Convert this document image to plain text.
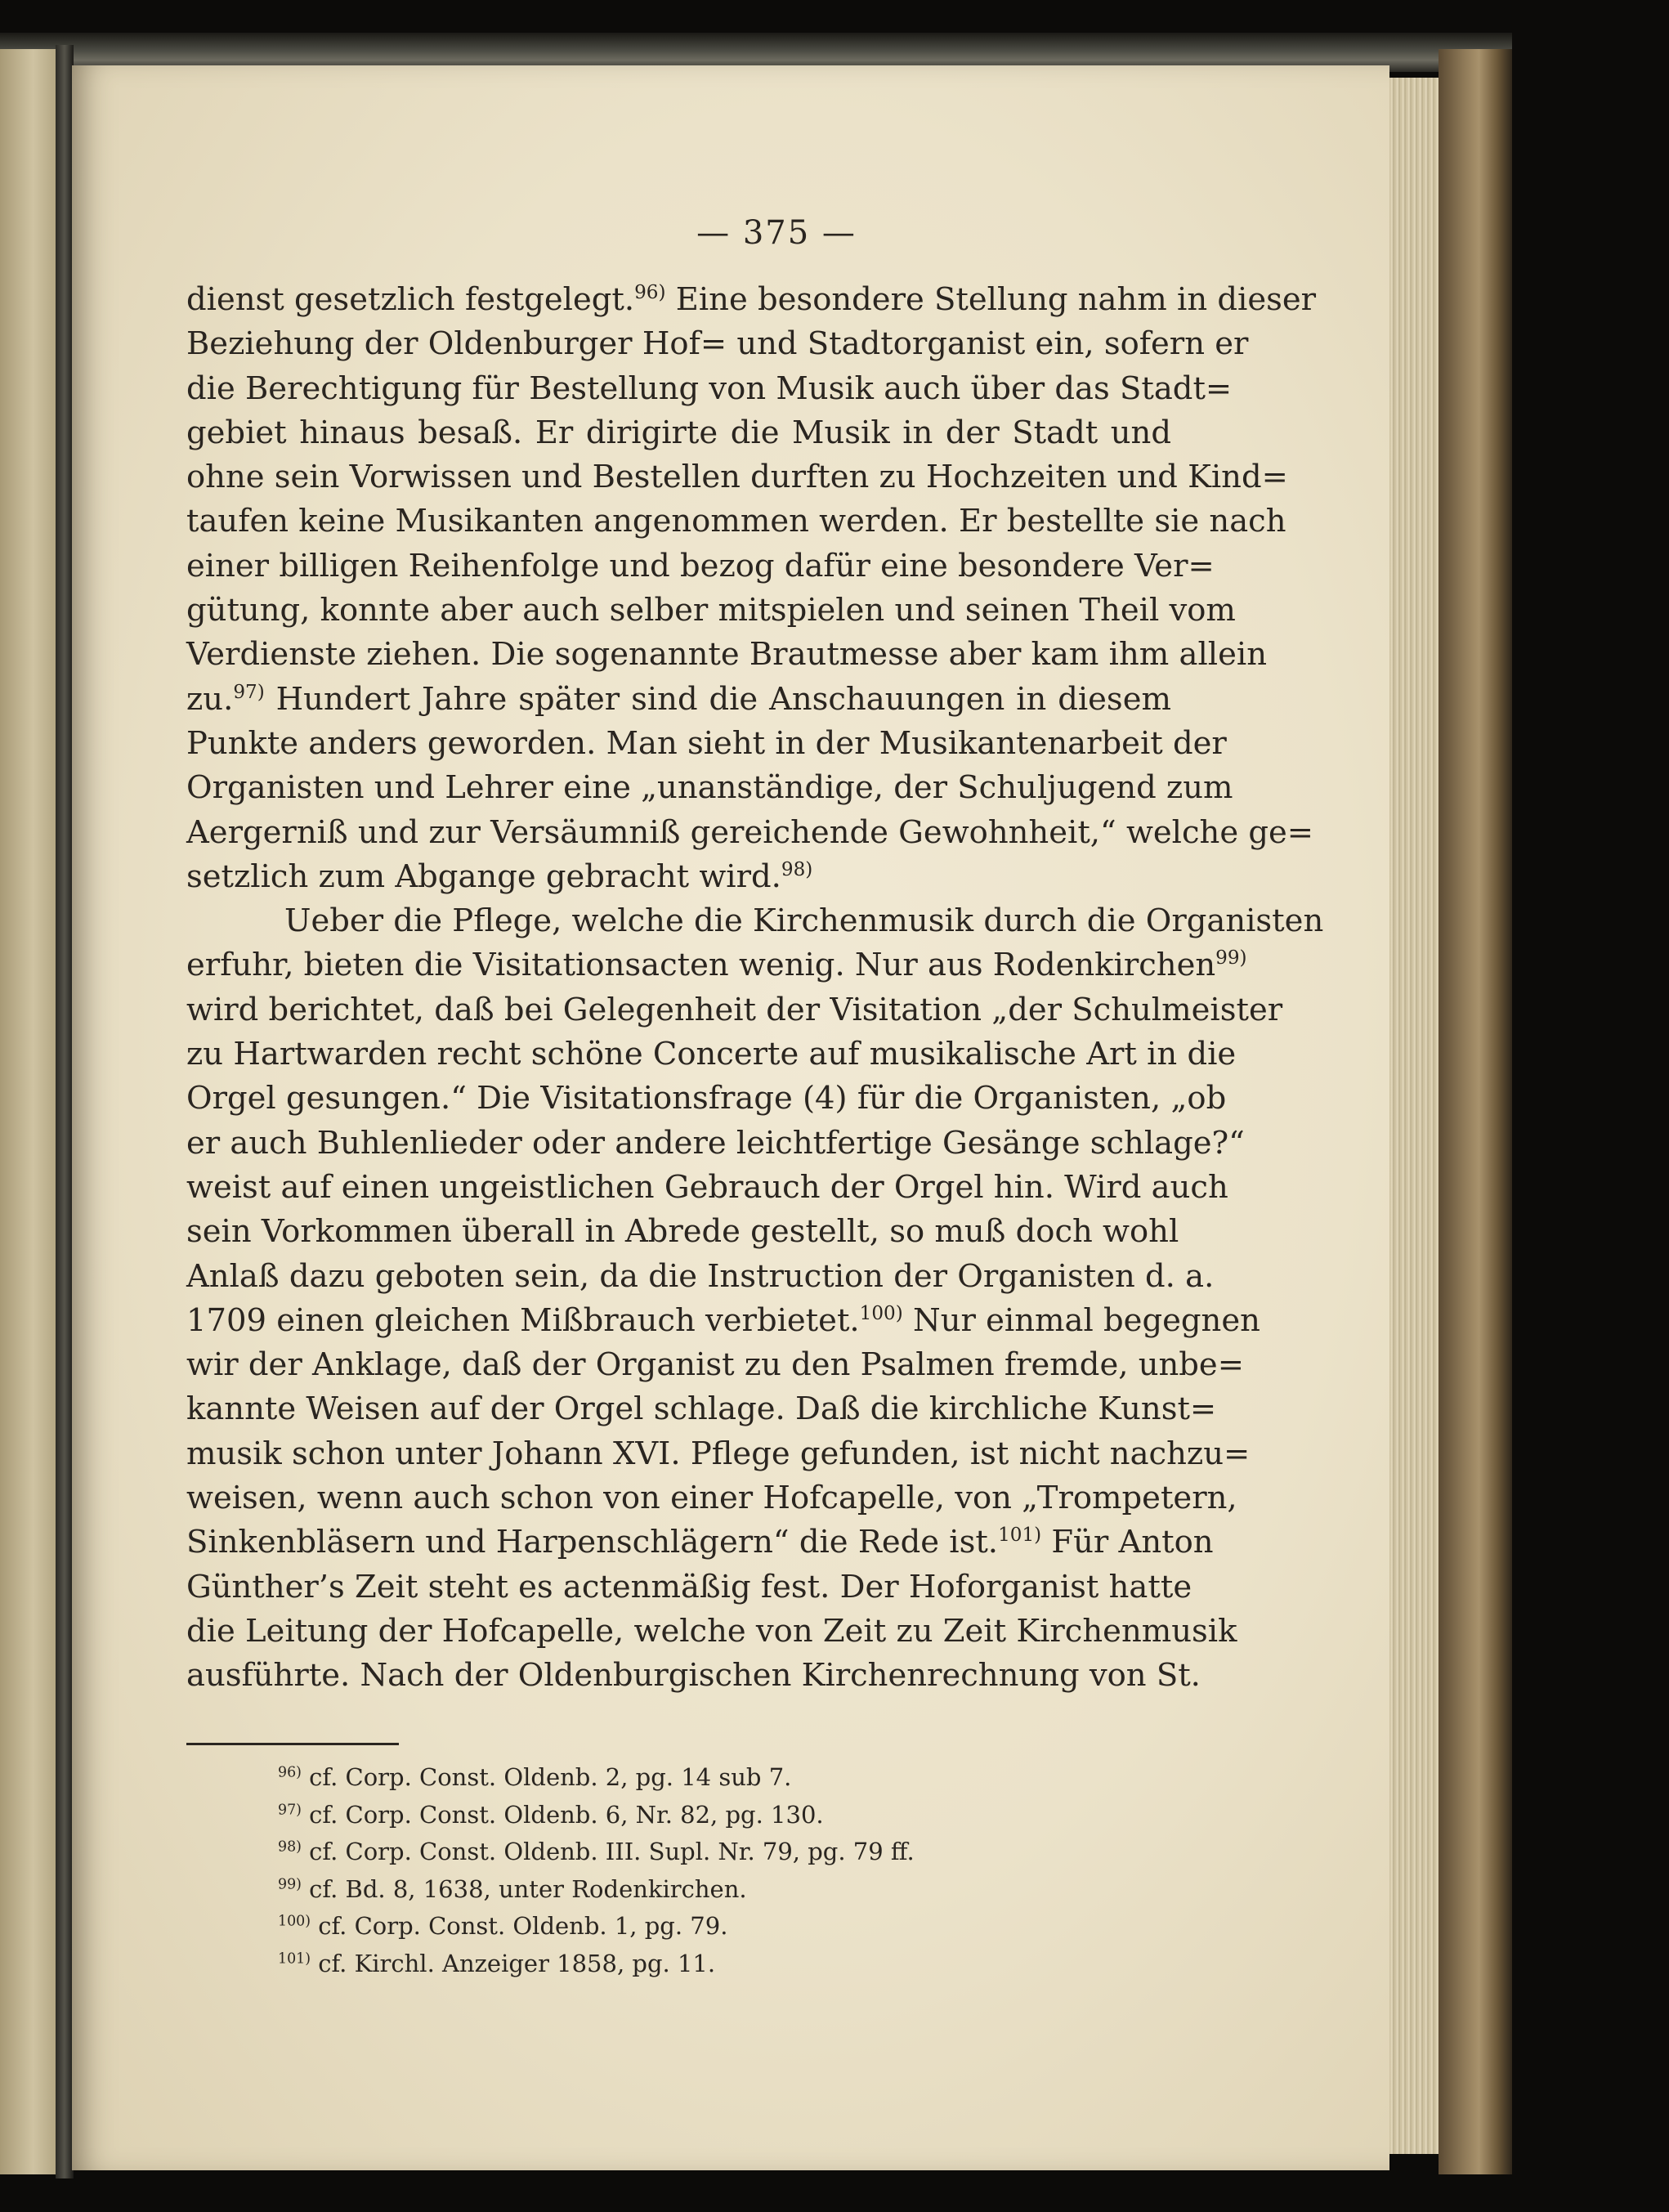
— 375 —
dienst gesetzlich festgelegt.$^{96)}$ Eine besondere Stellung nahm in dieser
Beziehung der Oldenburger Hof= und Stadtorganist ein, sofern er
die Berechtigung für Bestellung von Musik auch über das Stadt=
gebiet hinaus besaß. Er dirigirte die Musik in der Stadt und
ohne sein Vorwissen und Bestellen durften zu Hochzeiten und Kind=
taufen keine Musikanten angenommen werden. Er bestellte sie nach
einer billigen Reihenfolge und bezog dafür eine besondere Ver=
gütung, konnte aber auch selber mitspielen und seinen Theil vom
Verdienste ziehen. Die sogenannte Brautmesse aber kam ihm allein
zu.$^{97)}$ Hundert Jahre später sind die Anschauungen in diesem
Punkte anders geworden. Man sieht in der Musikantenarbeit der
Organisten und Lehrer eine „unanständige, der Schuljugend zum
Aergerniß und zur Versäumniß gereichende Gewohnheit,“ welche ge=
setzlich zum Abgange gebracht wird.$^{98)}$
Ueber die Pflege, welche die Kirchenmusik durch die Organisten
erfuhr, bieten die Visitationsacten wenig. Nur aus Rodenkirchen$^{99)}$
wird berichtet, daß bei Gelegenheit der Visitation „der Schulmeister
zu Hartwarden recht schöne Concerte auf musikalische Art in die
Orgel gesungen.“ Die Visitationsfrage (4) für die Organisten, „ob
er auch Buhlenlieder oder andere leichtfertige Gesänge schlage?“
weist auf einen ungeistlichen Gebrauch der Orgel hin. Wird auch
sein Vorkommen überall in Abrede gestellt, so muß doch wohl
Anlaß dazu geboten sein, da die Instruction der Organisten d. a.
1709 einen gleichen Mißbrauch verbietet.$^{100)}$ Nur einmal begegnen
wir der Anklage, daß der Organist zu den Psalmen fremde, unbe=
kannte Weisen auf der Orgel schlage. Daß die kirchliche Kunst=
musik schon unter Johann XVI. Pflege gefunden, ist nicht nachzu=
weisen, wenn auch schon von einer Hofcapelle, von „Trompetern,
Sinkenbläsern und Harpenschlägern“ die Rede ist.$^{101)}$ Für Anton
Günther’s Zeit steht es actenmäßig fest. Der Hoforganist hatte
die Leitung der Hofcapelle, welche von Zeit zu Zeit Kirchenmusik
ausführte. Nach der Oldenburgischen Kirchenrechnung von St.
$^{96)}$ cf. Corp. Const. Oldenb. 2, pg. 14 sub 7.
$^{97)}$ cf. Corp. Const. Oldenb. 6, Nr. 82, pg. 130.
$^{98)}$ cf. Corp. Const. Oldenb. III. Supl. Nr. 79, pg. 79 ff.
$^{99)}$ cf. Bd. 8, 1638, unter Rodenkirchen.
$^{100)}$ cf. Corp. Const. Oldenb. 1, pg. 79.
$^{101)}$ cf. Kirchl. Anzeiger 1858, pg. 11.
